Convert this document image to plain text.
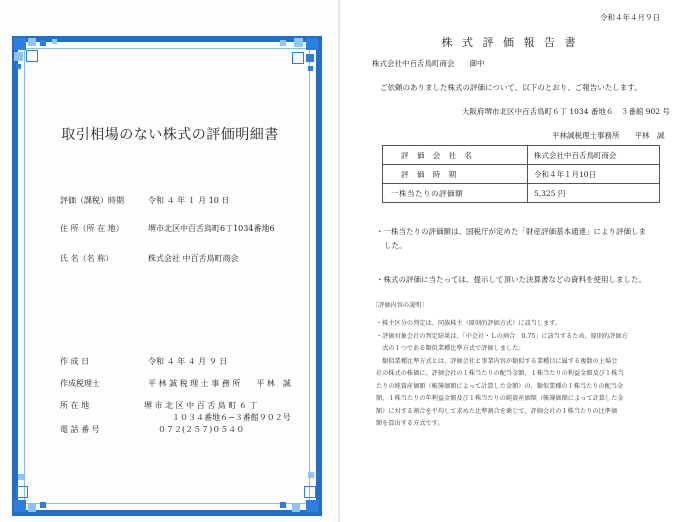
取引相場のない株式の評価明細書
評価（課税）時期	令和 ４ 年 １ 月 10 日
住 所（所 在 地）	堺市北区中百舌鳥町6丁1034番地6
氏 名（名 称）	株式会社 中百舌鳥町商会
作 成 日	令和 ４ 年 ４ 月 ９ 日
作成税理士	平 林 誠 税 理 士 事 務 所　　平 林　誠
所 在 地	堺 市 北 区 中 百 舌 鳥 町 ６ 丁
１０３４番地６−３番館９０２号
電 話 番 号	０７２(２５７)０５４０
令和４年４月９日
株 式 評 価 報 告 書
株式会社中百舌鳥町商会　　御中
ご依頼のありました株式の評価について、以下のとおり、ご報告いたします。
大阪府堺市北区中百舌鳥町６丁 1034 番地６　３番館 902 号
平林誠税理士事務所　　平林　誠
評 価 会 社 名	株式会社中百舌鳥町商会
評 価 時 期	令和４年１月10日
一株当たりの評価額	5,325 円
・一株当たりの評価額は、国税庁が定めた「財産評価基本通達」により評価しま
した。
・株式の評価に当たっては、提示して頂いた決算書などの資料を使用しました。
〔評価内容の説明〕
・株主区分の判定は、同族株主（原則的評価方式）に該当します。
・評価対象会社の判定結果は、「中会社・Ｌの割合　0.75」に該当するため、原則的評価方
　式の１つである類似業種比準方式で評価しました。
　類似業種比準方式とは、評価会社と事業内容が類似する業種目に属する複数の上場会
社の株式の株価に、評価会社の１株当たりの配当金額、１株当たりの利益金額及び１株当
たりの純資産価額（帳簿価額によって計算した金額）の、類似業種の１株当たりの配当金
額、１株当たりの年利益金額及び１株当たりの純資産価額（帳簿価額によって計算した金
額）に対する割合を平均して求めた比準割合を乗じて、評価会社の１株当たりの比準価
額を算出する方式です。
